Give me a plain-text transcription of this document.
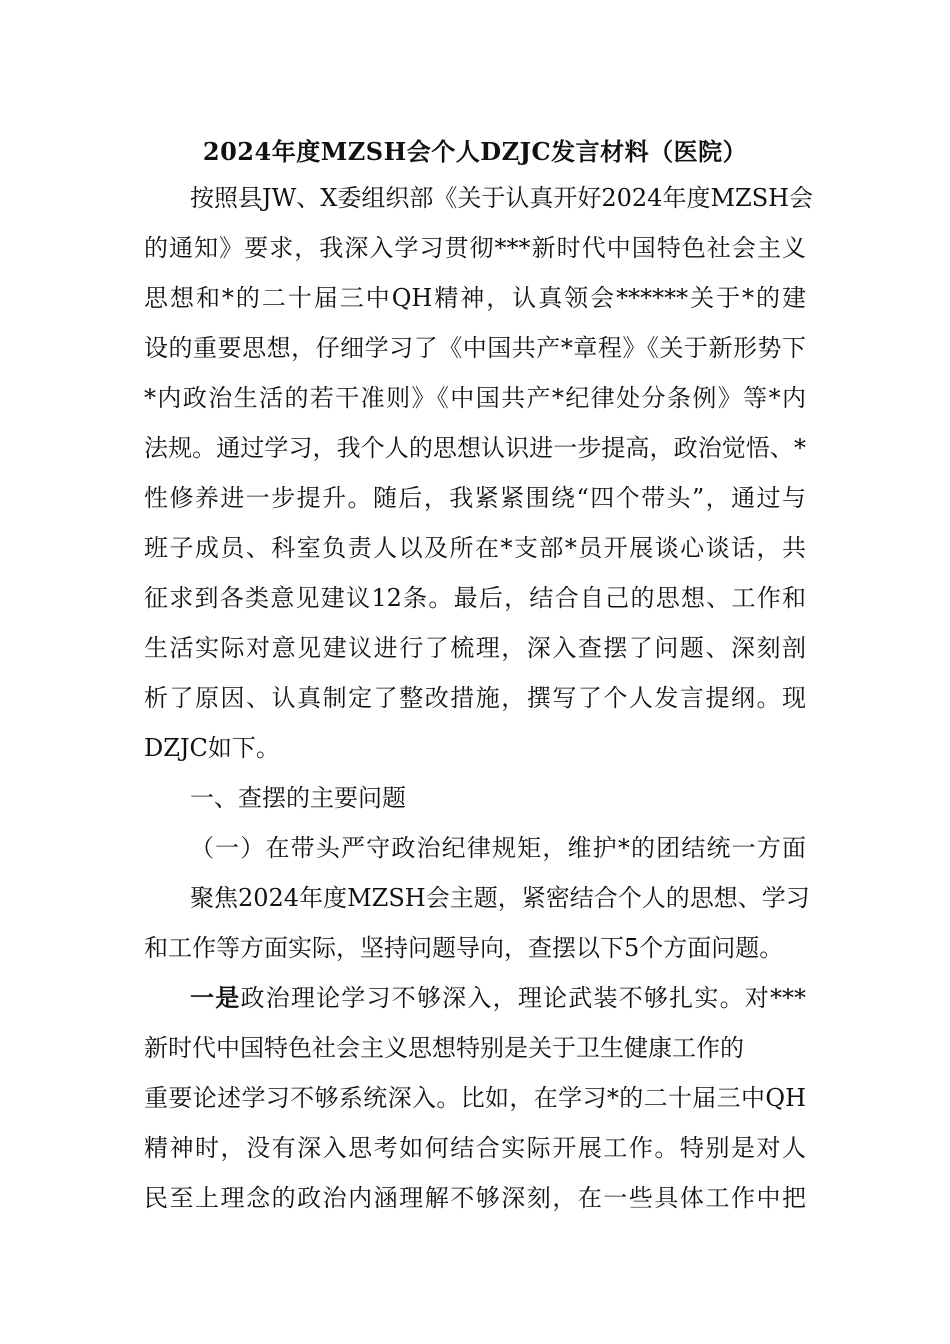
2024年度MZSH会个人DZJC发言材料（医院）
按照县JW、X委组织部《关于认真开好2024年度MZSH会
的通知》要求，我深入学习贯彻***新时代中国特色社会主义
思想和*的二十届三中QH精神，认真领会******关于*的建
设的重要思想，仔细学习了《中国共产*章程》《关于新形势下
*内政治生活的若干准则》《中国共产*纪律处分条例》等*内
法规。通过学习，我个人的思想认识进一步提高，政治觉悟、*
性修养进一步提升。随后，我紧紧围绕“四个带头”，通过与
班子成员、科室负责人以及所在*支部*员开展谈心谈话，共
征求到各类意见建议12条。最后，结合自己的思想、工作和
生活实际对意见建议进行了梳理，深入查摆了问题、深刻剖
析了原因、认真制定了整改措施，撰写了个人发言提纲。现
DZJC如下。
一、查摆的主要问题
（一）在带头严守政治纪律规矩，维护*的团结统一方面
聚焦2024年度MZSH会主题，紧密结合个人的思想、学习
和工作等方面实际，坚持问题导向，查摆以下5个方面问题。
一是政治理论学习不够深入，理论武装不够扎实。对***
新时代中国特色社会主义思想特别是关于卫生健康工作的
重要论述学习不够系统深入。比如，在学习*的二十届三中QH
精神时，没有深入思考如何结合实际开展工作。特别是对人
民至上理念的政治内涵理解不够深刻，在一些具体工作中把
